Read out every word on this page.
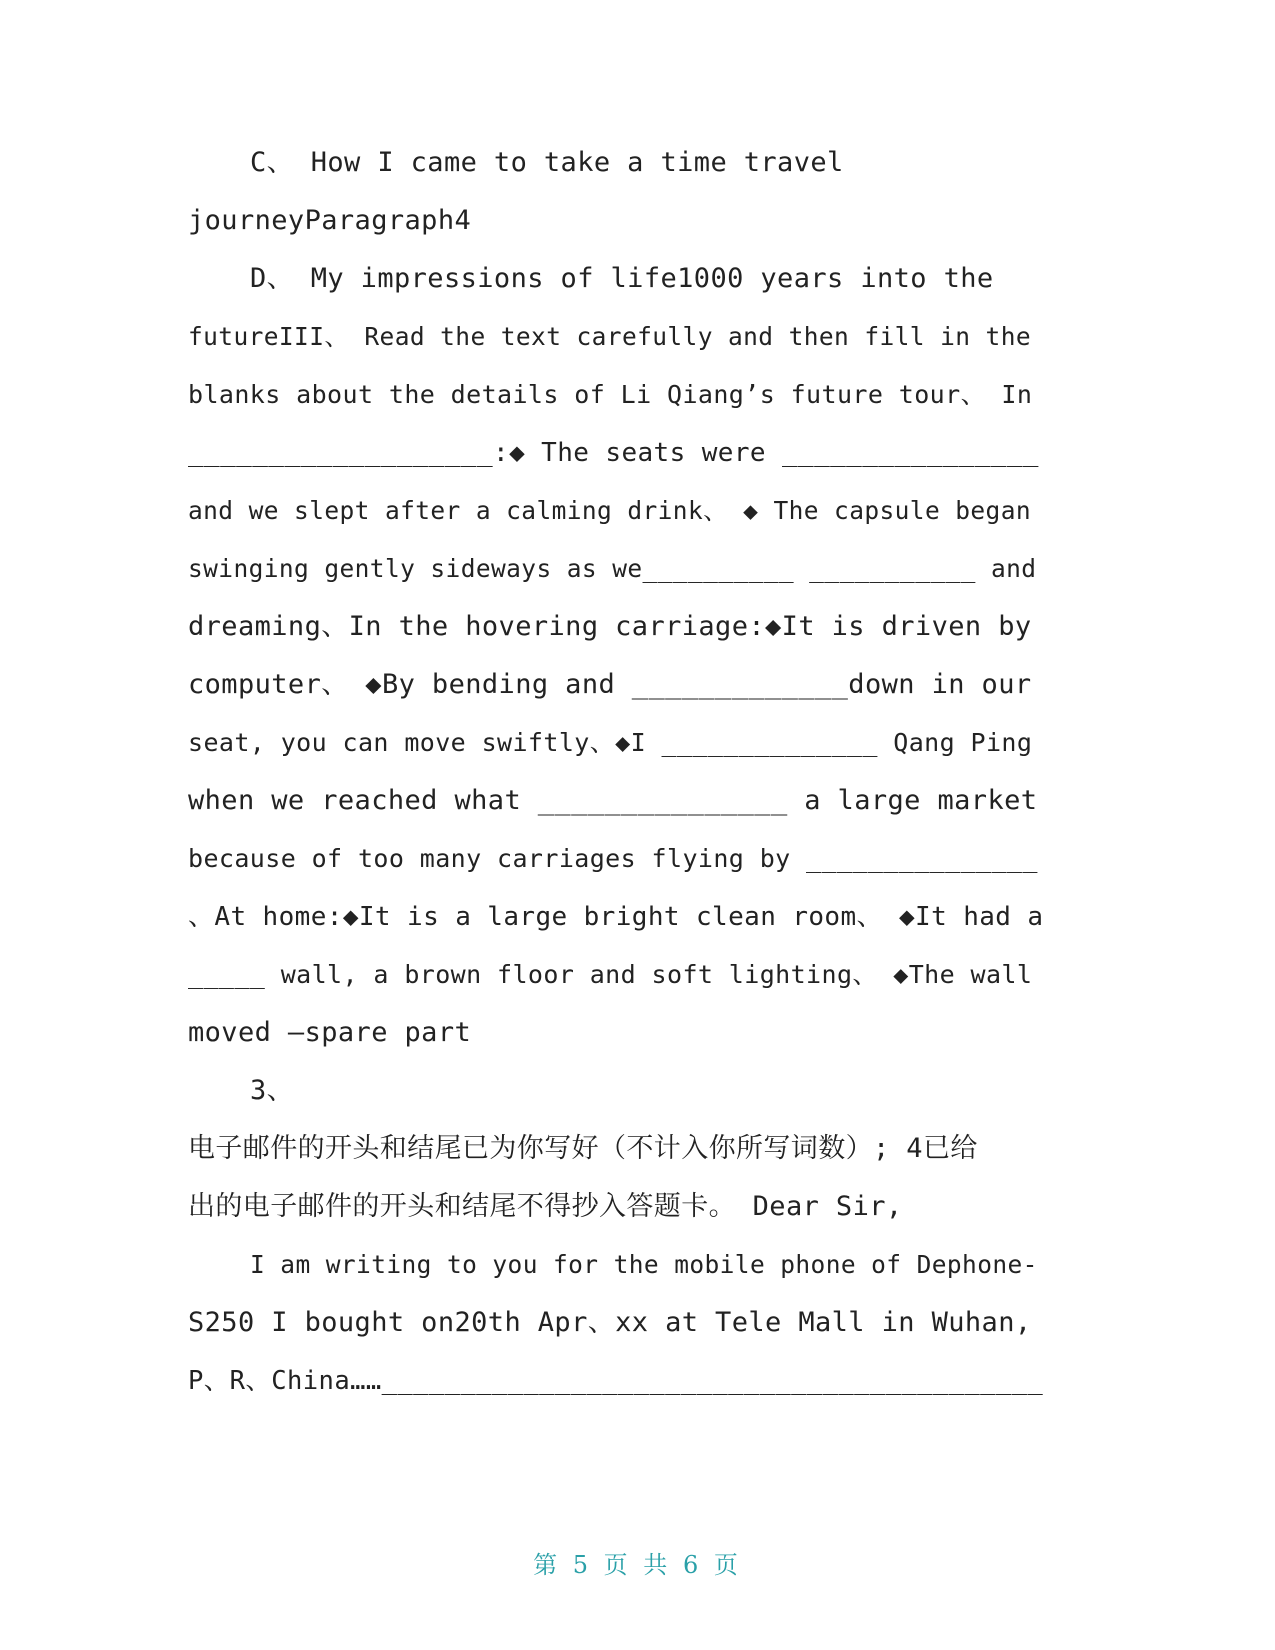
C、 How I came to take a time travel
journeyParagraph4
D、 My impressions of life1000 years into the
futureIII、 Read the text carefully and then fill in the
blanks about the details of Li Qiang’s future tour、 In
___________________:◆ The seats were ________________
and we slept after a calming drink、 ◆ The capsule began
swinging gently sideways as we__________ ___________ and
dreaming、In the hovering carriage:◆It is driven by
computer、 ◆By bending and _____________down in our
seat, you can move swiftly、◆I ______________ Qang Ping
when we reached what _______________ a large market
because of too many carriages flying by _______________
、At home:◆It is a large bright clean room、 ◆It had a
_____ wall, a brown floor and soft lighting、 ◆The wall
moved —spare part
3、
电子邮件的开头和结尾已为你写好（不计入你所写词数）; 4已给
出的电子邮件的开头和结尾不得抄入答题卡。 Dear Sir,
I am writing to you for the mobile phone of Dephone-
S250 I bought on20th Apr、xx at Tele Mall in Wuhan,
P、R、China……__________________________________________
第 5 页 共 6 页
